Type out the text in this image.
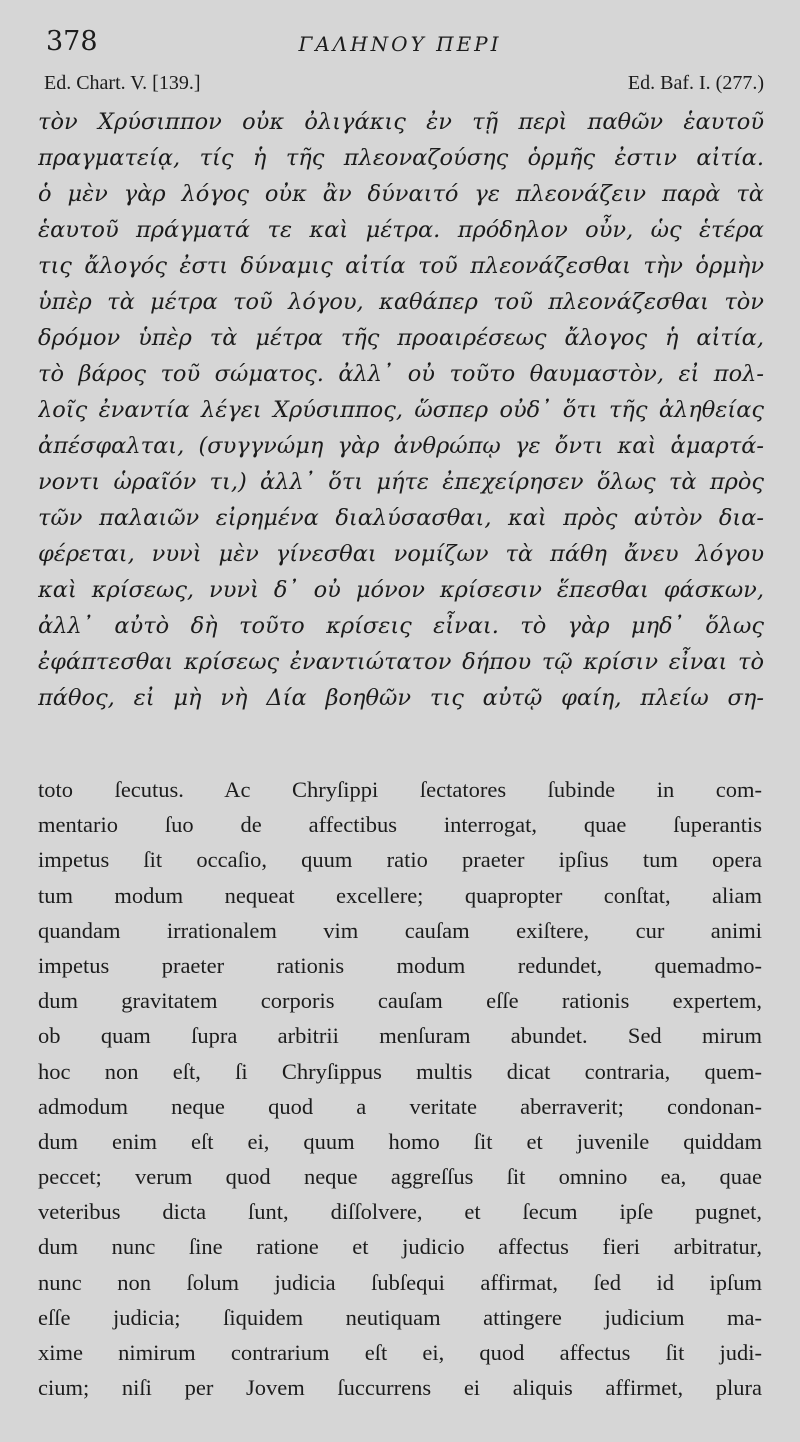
378	ΓΑΛΗΝΟΥ ΠΕΡΙ
Ed. Chart. V. [139.]	Ed. Baf. I. (277.)
τὸν Χρύσιππον οὐκ ὀλιγάκις ἐν τῇ περὶ παθῶν ἑαυτοῦ
πραγματείᾳ, τίς ἡ τῆς πλεοναζούσης ὁρμῆς ἐστιν αἰτία.
ὁ μὲν γὰρ λόγος οὐκ ἂν δύναιτό γε πλεονάζειν παρὰ τὰ
ἑαυτοῦ πράγματά τε καὶ μέτρα. πρόδηλον οὖν, ὡς ἑτέρα
τις ἄλογός ἐστι δύναμις αἰτία τοῦ πλεονάζεσθαι τὴν ὁρμὴν
ὑπὲρ τὰ μέτρα τοῦ λόγου, καθάπερ τοῦ πλεονάζεσθαι τὸν
δρόμον ὑπὲρ τὰ μέτρα τῆς προαιρέσεως ἄλογος ἡ αἰτία,
τὸ βάρος τοῦ σώματος. ἀλλ᾽ οὐ τοῦτο θαυμαστὸν, εἰ πολ-
λοῖς ἐναντία λέγει Χρύσιππος, ὥσπερ οὐδ᾽ ὅτι τῆς ἀληθείας
ἀπέσφαλται, (συγγνώμη γὰρ ἀνθρώπῳ γε ὄντι καὶ ἁμαρτά-
νοντι ὡραῖόν τι,) ἀλλ᾽ ὅτι μήτε ἐπεχείρησεν ὅλως τὰ πρὸς
τῶν παλαιῶν εἰρημένα διαλύσασθαι, καὶ πρὸς αὑτὸν δια-
φέρεται, νυνὶ μὲν γίνεσθαι νομίζων τὰ πάθη ἄνευ λόγου
καὶ κρίσεως, νυνὶ δ᾽ οὐ μόνον κρίσεσιν ἕπεσθαι φάσκων,
ἀλλ᾽ αὐτὸ δὴ τοῦτο κρίσεις εἶναι. τὸ γὰρ μηδ᾽ ὅλως
ἐφάπτεσθαι κρίσεως ἐναντιώτατον δήπου τῷ κρίσιν εἶναι τὸ
πάθος, εἰ μὴ νὴ Δία βοηθῶν τις αὐτῷ φαίη, πλείω ση-
toto ſecutus. Ac Chryſippi ſectatores ſubinde in com-
mentario ſuo de affectibus interrogat, quae ſuperantis
impetus ſit occaſio, quum ratio praeter ipſius tum opera
tum modum nequeat excellere; quapropter conſtat, aliam
quandam irrationalem vim cauſam exiſtere, cur animi
impetus praeter rationis modum redundet, quemadmo-
dum gravitatem corporis cauſam eſſe rationis expertem,
ob quam ſupra arbitrii menſuram abundet. Sed mirum
hoc non eſt, ſi Chryſippus multis dicat contraria, quem-
admodum neque quod a veritate aberraverit; condonan-
dum enim eſt ei, quum homo ſit et juvenile quiddam
peccet; verum quod neque aggreſſus ſit omnino ea, quae
veteribus dicta ſunt, diſſolvere, et ſecum ipſe pugnet,
dum nunc ſine ratione et judicio affectus fieri arbitratur,
nunc non ſolum judicia ſubſequi affirmat, ſed id ipſum
eſſe judicia; ſiquidem neutiquam attingere judicium ma-
xime nimirum contrarium eſt ei, quod affectus ſit judi-
cium; niſi per Jovem ſuccurrens ei aliquis affirmet, plura
